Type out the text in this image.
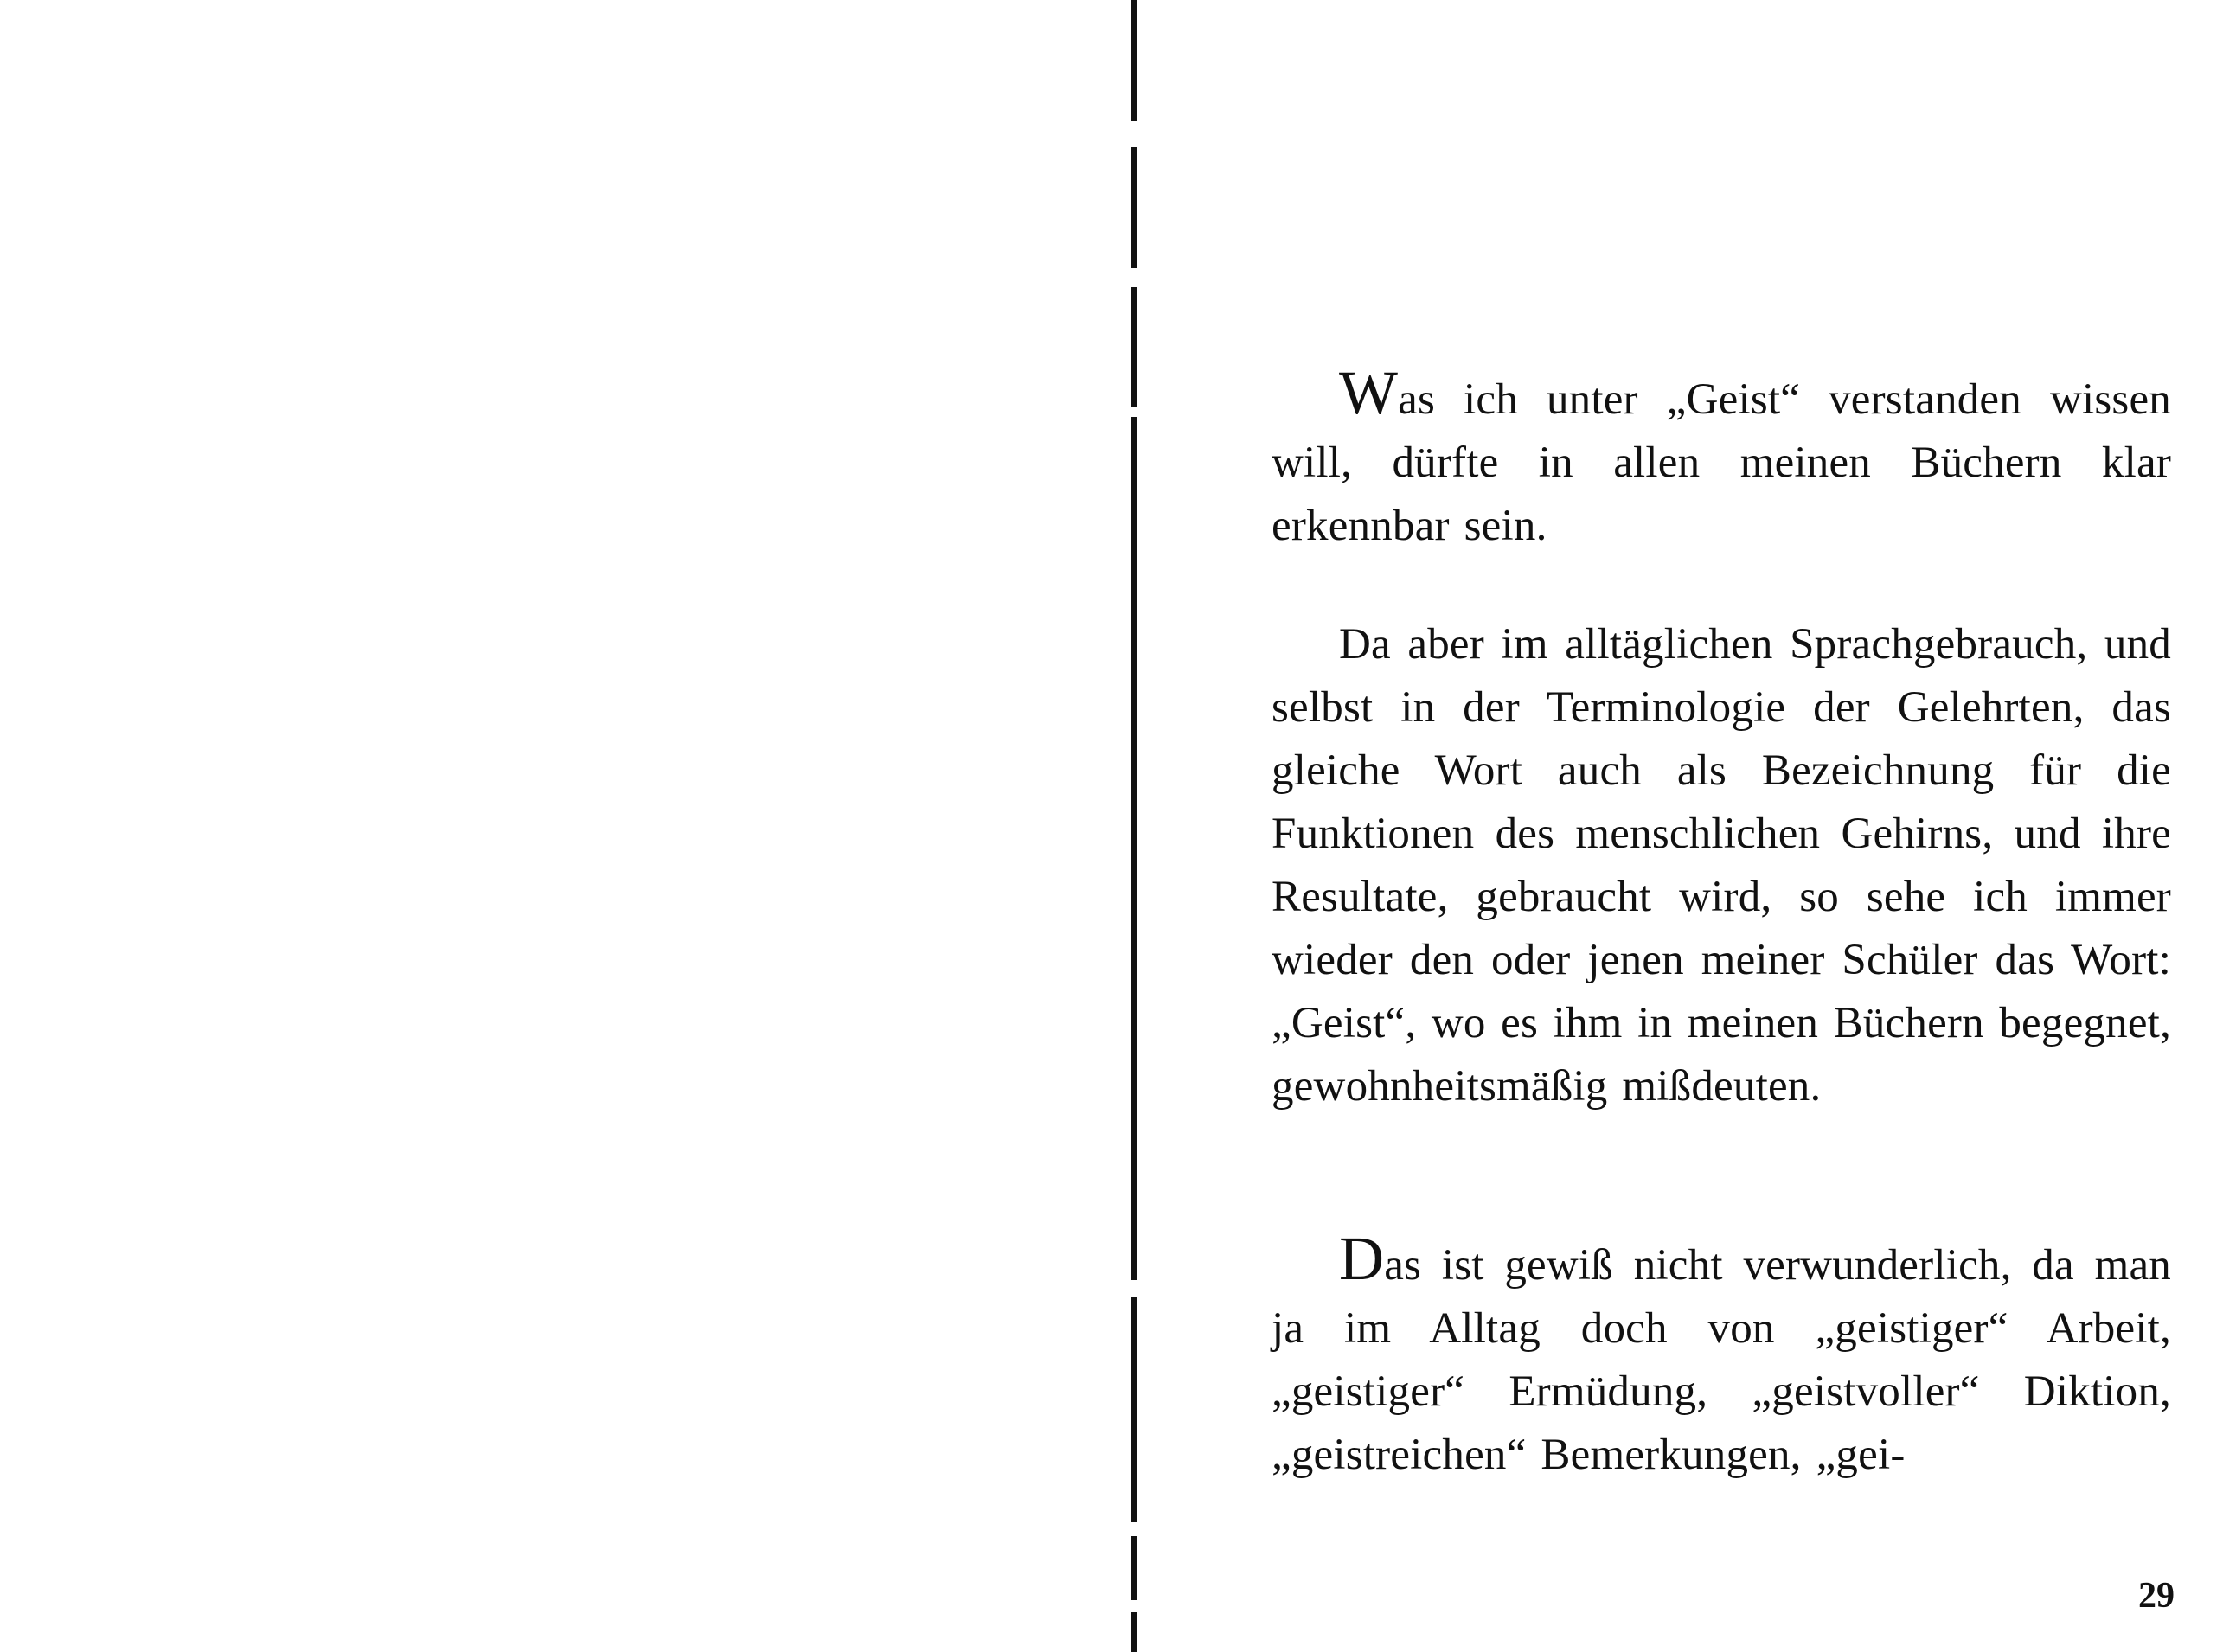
Was ich unter „Geist“ verstanden wissen will, dürfte in allen meinen Büchern klar erkennbar sein.

Da aber im alltäglichen Sprachgebrauch, und selbst in der Terminologie der Gelehrten, das gleiche Wort auch als Bezeichnung für die Funktionen des menschlichen Gehirns, und ihre Resultate, gebraucht wird, so sehe ich immer wieder den oder jenen meiner Schüler das Wort: „Geist“, wo es ihm in meinen Büchern begegnet, gewohnheitsmäßig mißdeuten.

Das ist gewiß nicht verwunderlich, da man ja im Alltag doch von „geistiger“ Arbeit, „geistiger“ Ermüdung, „geistvoller“ Diktion, „geistreichen“ Bemerkungen, „gei-

29
